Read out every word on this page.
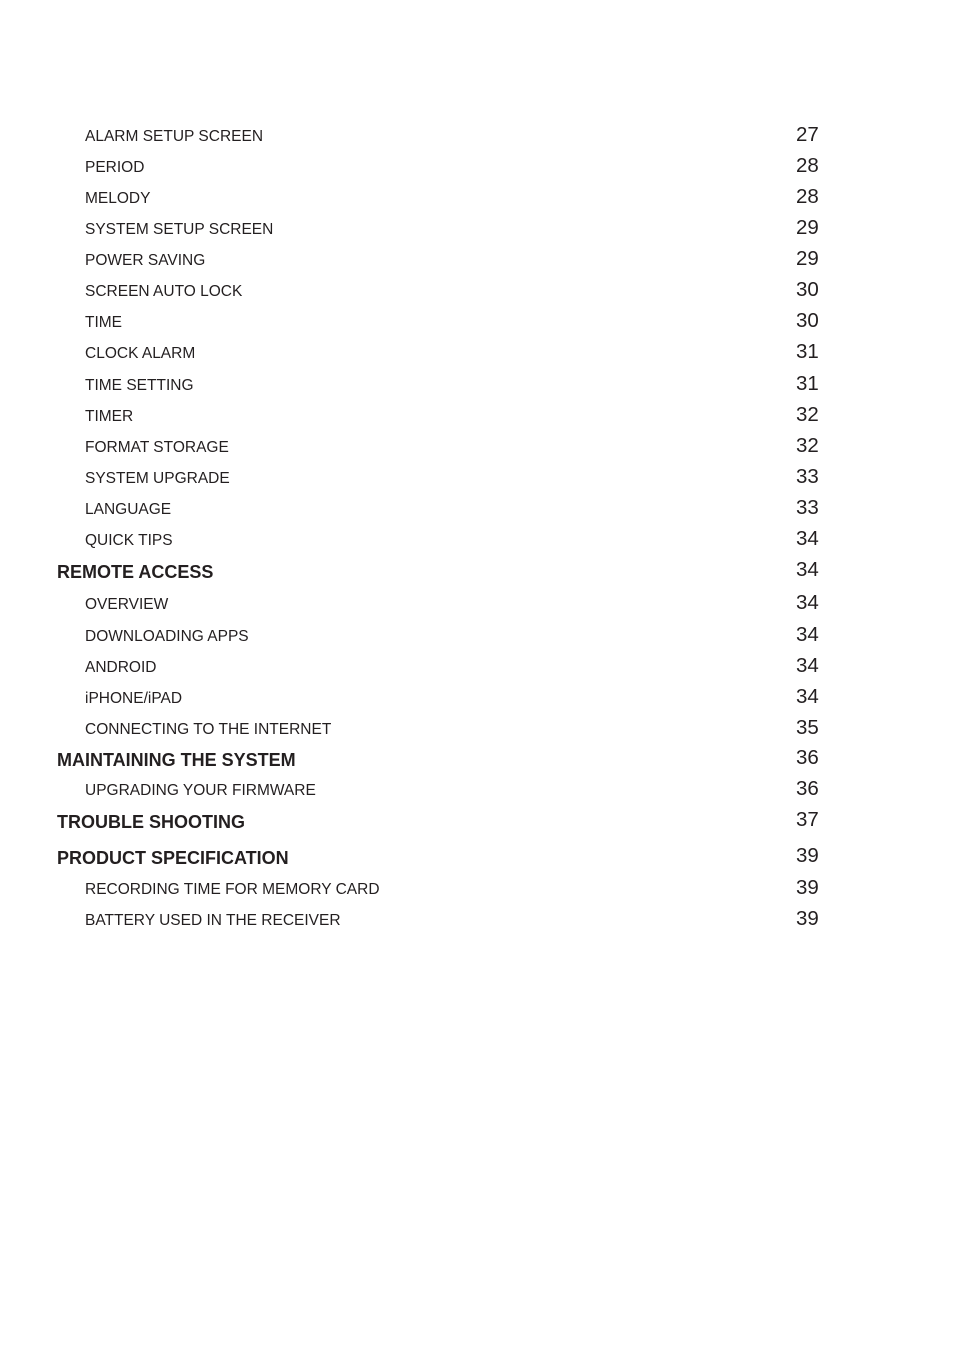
ALARM SETUP SCREEN	27
PERIOD	28
MELODY	28
SYSTEM SETUP SCREEN	29
POWER SAVING	29
SCREEN AUTO LOCK	30
TIME	30
CLOCK ALARM	31
TIME SETTING	31
TIMER	32
FORMAT STORAGE	32
SYSTEM UPGRADE	33
LANGUAGE	33
QUICK TIPS	34
REMOTE ACCESS	34
OVERVIEW	34
DOWNLOADING APPS	34
ANDROID	34
iPHONE/iPAD	34
CONNECTING TO THE INTERNET	35
MAINTAINING THE SYSTEM	36
UPGRADING YOUR FIRMWARE	36
TROUBLE SHOOTING	37
PRODUCT SPECIFICATION	39
RECORDING TIME FOR MEMORY CARD	39
BATTERY USED IN THE RECEIVER	39
